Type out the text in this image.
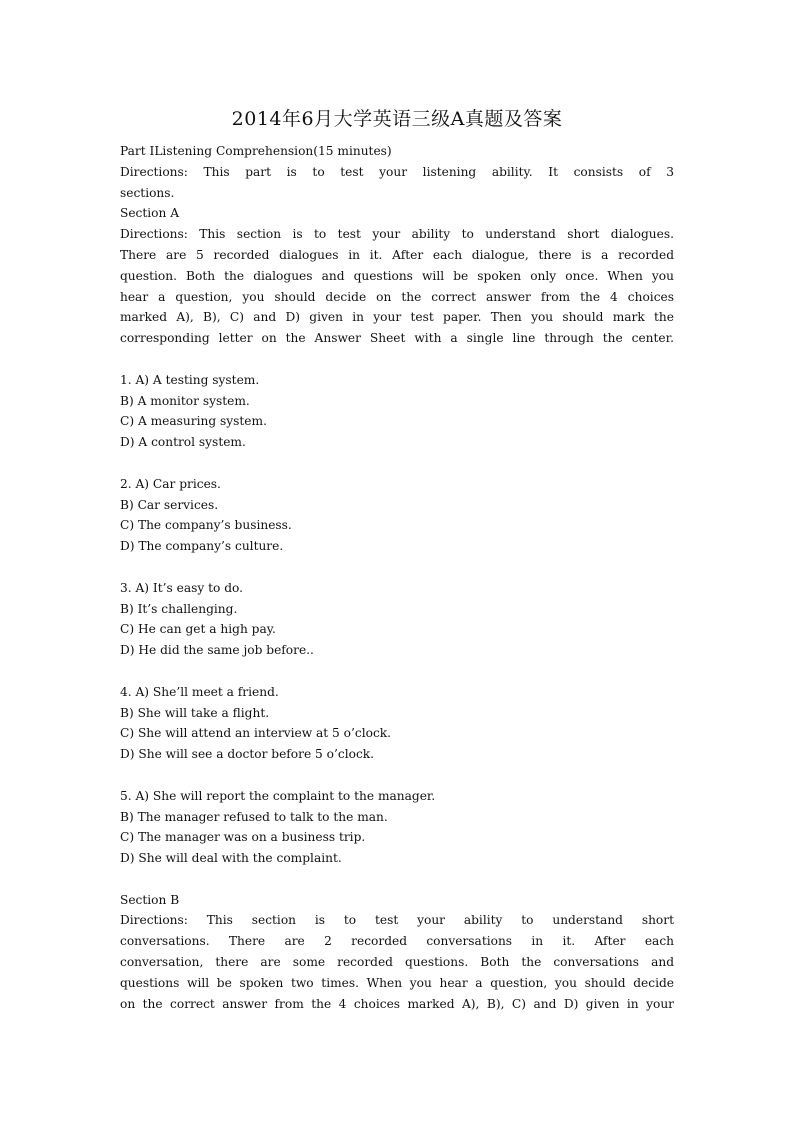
2014年6月大学英语三级A真题及答案
Part ⅠListening Comprehension(15 minutes)
Directions: This part is to test your listening ability. It consists of 3
sections.
Section A
Directions: This section is to test your ability to understand short dialogues.
There are 5 recorded dialogues in it. After each dialogue, there is a recorded
question. Both the dialogues and questions will be spoken only once. When you
hear a question, you should decide on the correct answer from the 4 choices
marked A), B), C) and D) given in your test paper. Then you should mark the
corresponding letter on the Answer Sheet with a single line through the center.
1. A) A testing system.
B) A monitor system.
C) A measuring system.
D) A control system.
2. A) Car prices.
B) Car services.
C) The company’s business.
D) The company’s culture.
3. A) It’s easy to do.
B) It’s challenging.
C) He can get a high pay.
D) He did the same job before..
4. A) She’ll meet a friend.
B) She will take a flight.
C) She will attend an interview at 5 o’clock.
D) She will see a doctor before 5 o’clock.
5. A) She will report the complaint to the manager.
B) The manager refused to talk to the man.
C) The manager was on a business trip.
D) She will deal with the complaint.
Section B
Directions: This section is to test your ability to understand short
conversations. There are 2 recorded conversations in it. After each
conversation, there are some recorded questions. Both the conversations and
questions will be spoken two times. When you hear a question, you should decide
on the correct answer from the 4 choices marked A), B), C) and D) given in your
